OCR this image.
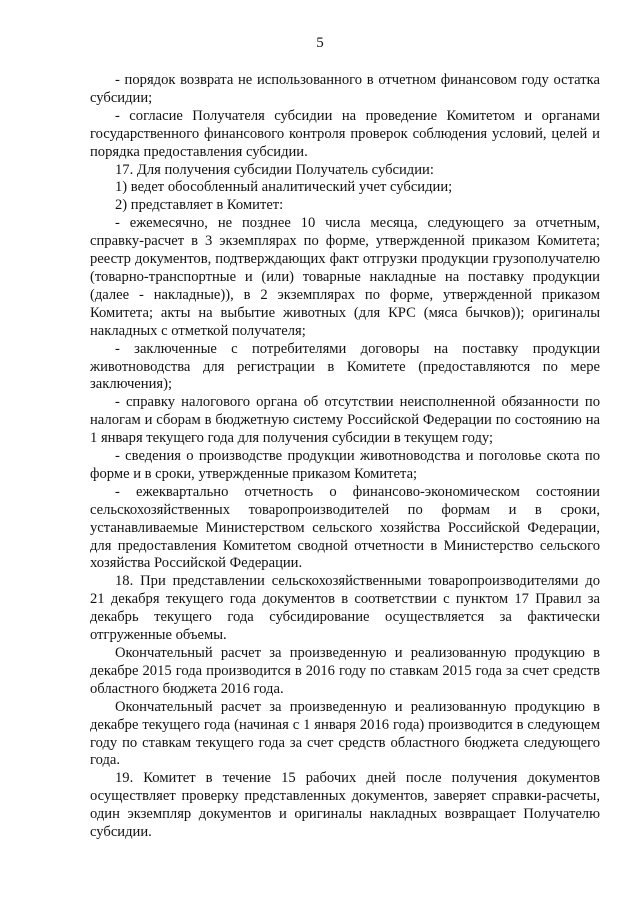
5

- порядок возврата не использованного в отчетном финансовом году остатка субсидии;

- согласие Получателя субсидии на проведение Комитетом и органами государственного финансового контроля проверок соблюдения условий, целей и порядка предоставления субсидии.

17. Для получения субсидии Получатель субсидии:

1) ведет обособленный аналитический учет субсидии;

2) представляет в Комитет:

- ежемесячно, не позднее 10 числа месяца, следующего за отчетным, справку-расчет в 3 экземплярах по форме, утвержденной приказом Комитета; реестр документов, подтверждающих факт отгрузки продукции грузополучателю (товарно-транспортные и (или) товарные накладные на поставку продукции (далее - накладные)), в 2 экземплярах по форме, утвержденной приказом Комитета; акты на выбытие животных (для КРС (мяса бычков)); оригиналы накладных с отметкой получателя;

- заключенные с потребителями договоры на поставку продукции животноводства для регистрации в Комитете (предоставляются по мере заключения);

- справку налогового органа об отсутствии неисполненной обязанности по налогам и сборам в бюджетную систему Российской Федерации по состоянию на 1 января текущего года для получения субсидии в текущем году;

- сведения о производстве продукции животноводства и поголовье скота по форме и в сроки, утвержденные приказом Комитета;

- ежеквартально отчетность о финансово-экономическом состоянии сельскохозяйственных товаропроизводителей по формам и в сроки, устанавливаемые Министерством сельского хозяйства Российской Федерации, для предоставления Комитетом сводной отчетности в Министерство сельского хозяйства Российской Федерации.

18. При представлении сельскохозяйственными товаропроизводителями до 21 декабря текущего года документов в соответствии с пунктом 17 Правил за декабрь текущего года субсидирование осуществляется за фактически отгруженные объемы.

Окончательный расчет за произведенную и реализованную продукцию в декабре 2015 года производится в 2016 году по ставкам 2015 года за счет средств областного бюджета 2016 года.

Окончательный расчет за произведенную и реализованную продукцию в декабре текущего года (начиная с 1 января 2016 года) производится в следующем году по ставкам текущего года за счет средств областного бюджета следующего года.

19. Комитет в течение 15 рабочих дней после получения документов осуществляет проверку представленных документов, заверяет справки-расчеты, один экземпляр документов и оригиналы накладных возвращает Получателю субсидии.
